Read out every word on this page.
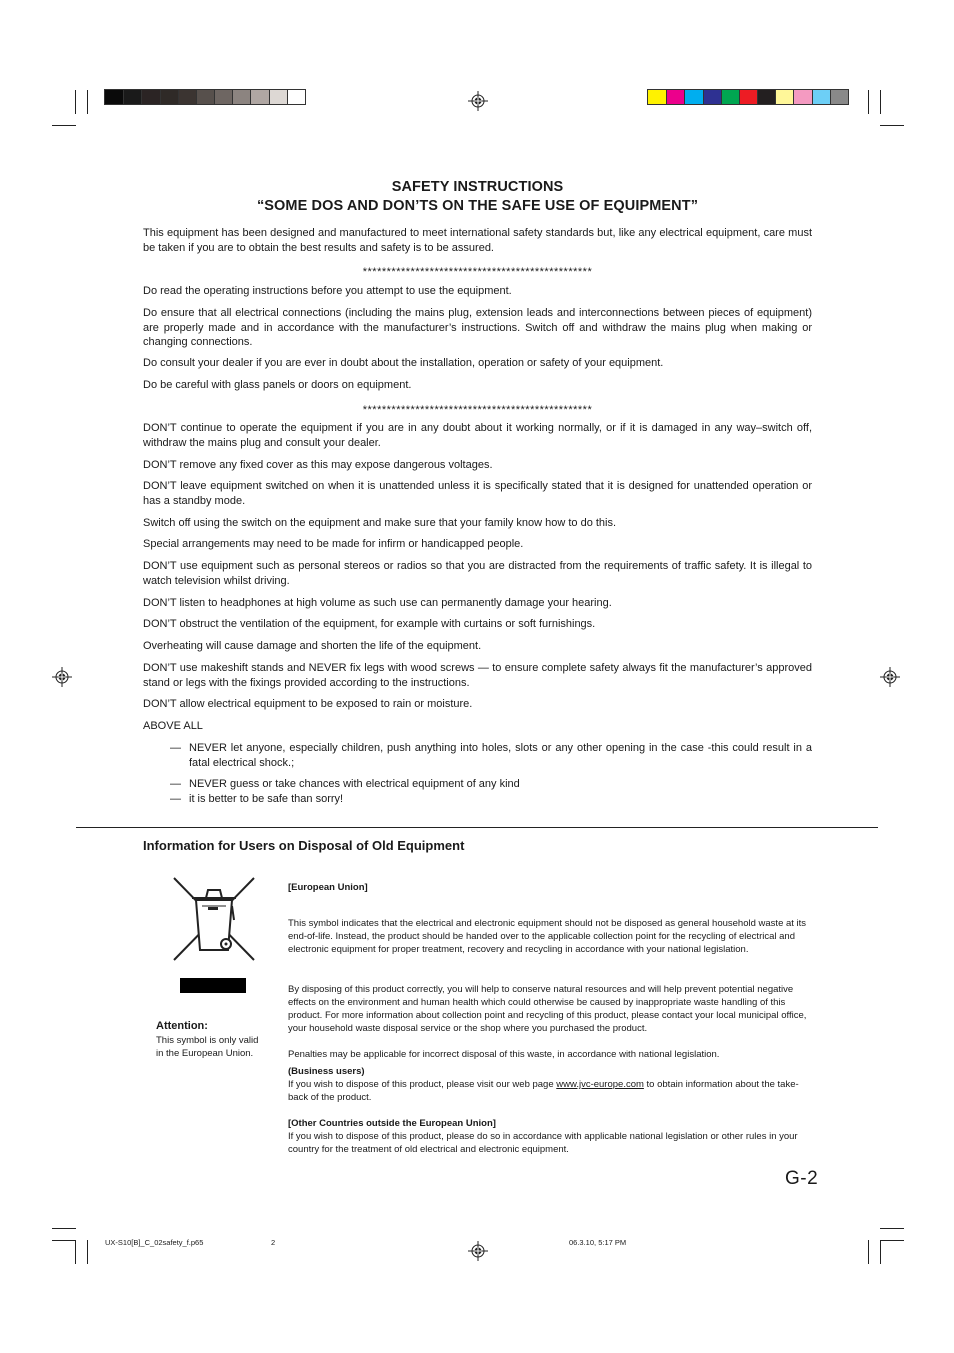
SAFETY INSTRUCTIONS
“SOME DOS AND DON’TS ON THE SAFE USE OF EQUIPMENT”

This equipment has been designed and manufactured to meet international safety standards but, like any electrical equipment, care must be taken if you are to obtain the best results and safety is to be assured.

************************************************

Do read the operating instructions before you attempt to use the equipment.

Do ensure that all electrical connections (including the mains plug, extension leads and interconnections between pieces of equipment) are properly made and in accordance with the manufacturer’s instructions. Switch off and withdraw the mains plug when making or changing connections.

Do consult your dealer if you are ever in doubt about the installation, operation or safety of your equipment.

Do be careful with glass panels or doors on equipment.

************************************************

DON’T continue to operate the equipment if you are in any doubt about it working normally, or if it is damaged in any way–switch off, withdraw the mains plug and consult your dealer.

DON’T remove any fixed cover as this may expose dangerous voltages.

DON’T leave equipment switched on when it is unattended unless it is specifically stated that it is designed for unattended operation or has a standby mode.

Switch off using the switch on the equipment and make sure that your family know how to do this.

Special arrangements may need to be made for infirm or handicapped people.

DON’T use equipment such as personal stereos or radios so that you are distracted from the requirements of traffic safety. It is illegal to watch television whilst driving.

DON’T listen to headphones at high volume as such use can permanently damage your hearing.

DON’T obstruct the ventilation of the equipment, for example with curtains or soft furnishings.

Overheating will cause damage and shorten the life of the equipment.

DON’T use makeshift stands and NEVER fix legs with wood screws — to ensure complete safety always fit the manufacturer’s approved stand or legs with the fixings provided according to the instructions.

DON’T allow electrical equipment to be exposed to rain or moisture.

ABOVE ALL

— NEVER let anyone, especially children, push anything into holes, slots or any other opening in the case -this could result in a fatal electrical shock.;
— NEVER guess or take chances with electrical equipment of any kind
— it is better to be safe than sorry!
Information for Users on Disposal of Old Equipment
Attention:
This symbol is only valid in the European Union.
[European Union]

This symbol indicates that the electrical and electronic equipment should not be disposed as general household waste at its end-of-life. Instead, the product should be handed over to the applicable collection point for the recycling of electrical and electronic equipment for proper treatment, recovery and recycling in accordance with your national legislation.

By disposing of this product correctly, you will help to conserve natural resources and will help prevent potential negative effects on the environment and human health which could otherwise be caused by inappropriate waste handling of this product. For more information about collection point and recycling of this product, please contact your local municipal office, your household waste disposal service or the shop where you purchased the product.

Penalties may be applicable for incorrect disposal of this waste, in accordance with national legislation.

(Business users)
If you wish to dispose of this product, please visit our web page www.jvc-europe.com to obtain information about the take-back of the product.
[Other Countries outside the European Union]
If you wish to dispose of this product, please do so in accordance with applicable national legislation or other rules in your country for the treatment of old electrical and electronic equipment.
G-2
UX-S10[B]_C_02safety_f.p65	2	06.3.10, 5:17 PM
